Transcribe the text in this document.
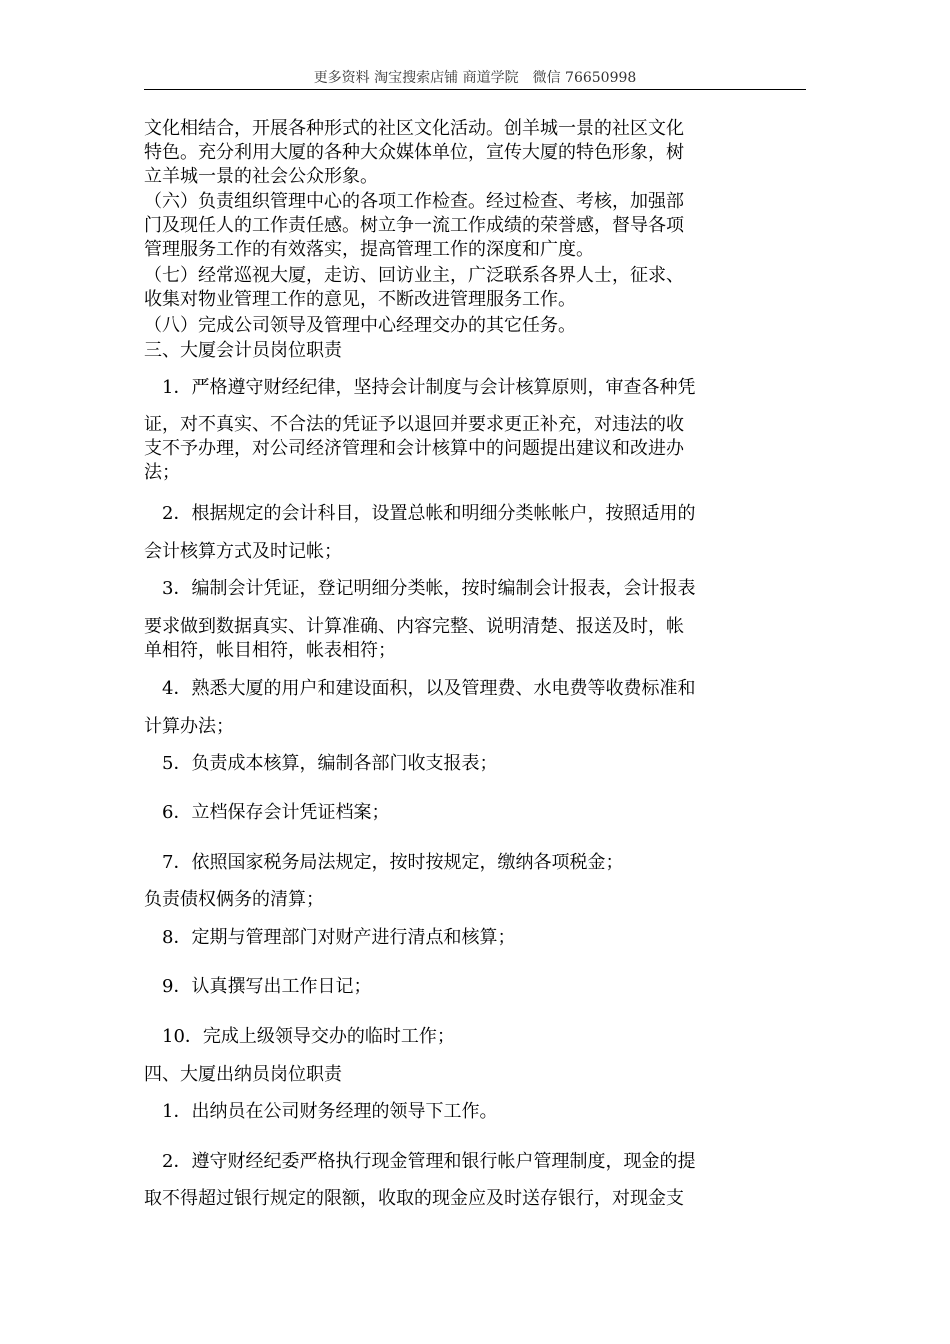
更多资料 淘宝搜索店铺 商道学院　微信 76650998
文化相结合，开展各种形式的社区文化活动。创羊城一景的社区文化
特色。充分利用大厦的各种大众媒体单位，宣传大厦的特色形象，树
立羊城一景的社会公众形象。
（六）负责组织管理中心的各项工作检查。经过检查、考核，加强部
门及现任人的工作责任感。树立争一流工作成绩的荣誉感，督导各项
管理服务工作的有效落实，提高管理工作的深度和广度。
（七）经常巡视大厦，走访、回访业主，广泛联系各界人士，征求、
收集对物业管理工作的意见，不断改进管理服务工作。
（八）完成公司领导及管理中心经理交办的其它任务。
三、大厦会计员岗位职责
　1．严格遵守财经纪律，坚持会计制度与会计核算原则，审查各种凭
证，对不真实、不合法的凭证予以退回并要求更正补充，对违法的收
支不予办理，对公司经济管理和会计核算中的问题提出建议和改进办
法；
　2．根据规定的会计科目，设置总帐和明细分类帐帐户，按照适用的
会计核算方式及时记帐；
　3．编制会计凭证，登记明细分类帐，按时编制会计报表，会计报表
要求做到数据真实、计算准确、内容完整、说明清楚、报送及时，帐
单相符，帐目相符，帐表相符；
　4．熟悉大厦的用户和建设面积，以及管理费、水电费等收费标准和
计算办法；
　5．负责成本核算，编制各部门收支报表；
　6．立档保存会计凭证档案；
　7．依照国家税务局法规定，按时按规定，缴纳各项税金；
负责债权俩务的清算；
　8．定期与管理部门对财产进行清点和核算；
　9．认真撰写出工作日记；
　10．完成上级领导交办的临时工作；
四、大厦出纳员岗位职责
　1．出纳员在公司财务经理的领导下工作。
　2．遵守财经纪委严格执行现金管理和银行帐户管理制度，现金的提
取不得超过银行规定的限额，收取的现金应及时送存银行，对现金支
